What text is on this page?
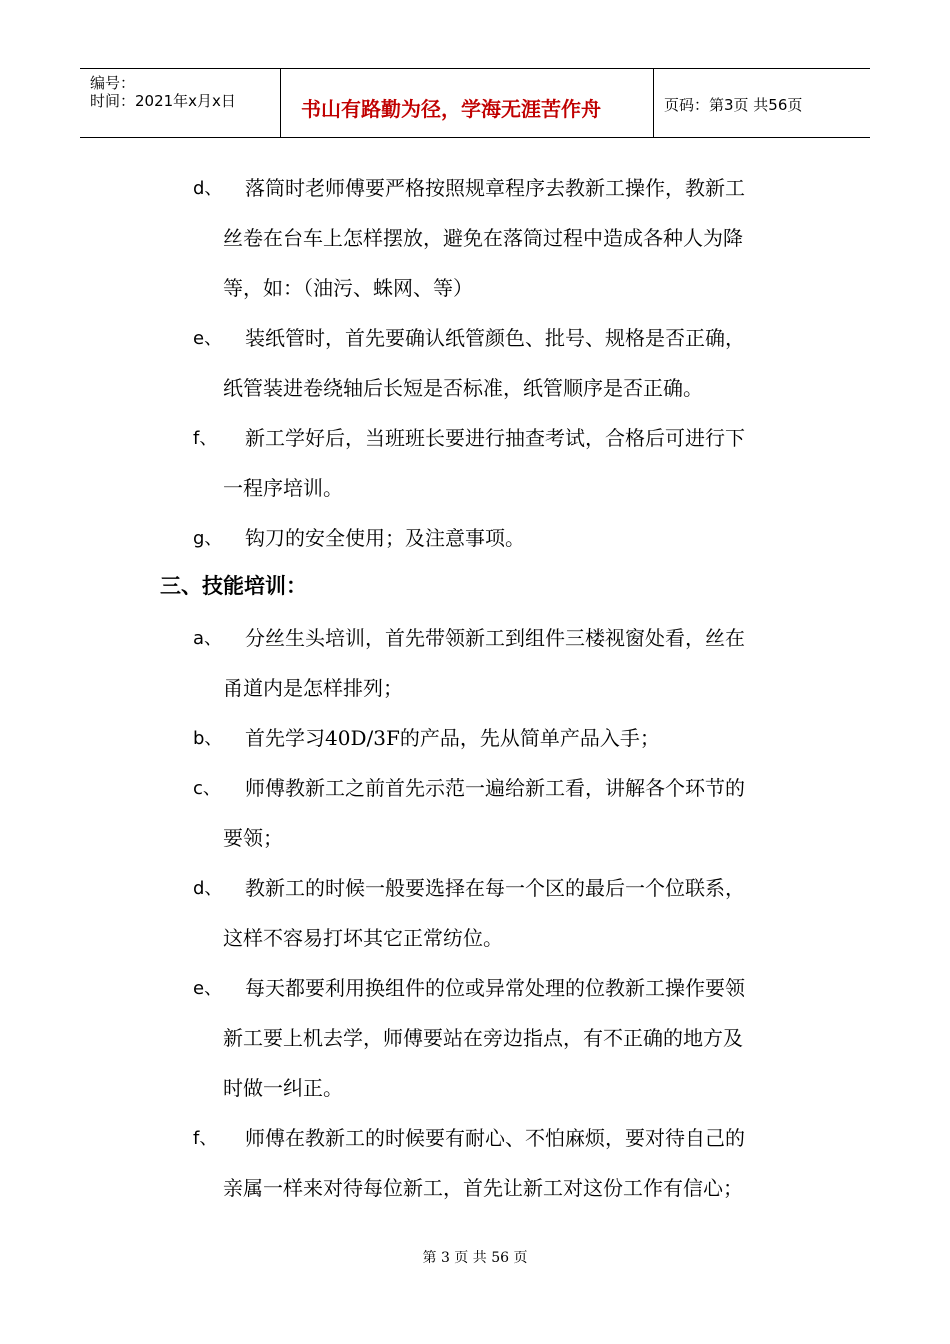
编号：
时间：2021年x月x日	书山有路勤为径，学海无涯苦作舟	页码：第3页 共56页
d、 落筒时老师傅要严格按照规章程序去教新工操作，教新工
丝卷在台车上怎样摆放，避免在落筒过程中造成各种人为降
等，如：（油污、蛛网、等）
e、 装纸管时，首先要确认纸管颜色、批号、规格是否正确，
纸管装进卷绕轴后长短是否标准，纸管顺序是否正确。
f、 新工学好后，当班班长要进行抽查考试，合格后可进行下
一程序培训。
g、 钩刀的安全使用；及注意事项。
三、技能培训：
a、 分丝生头培训，首先带领新工到组件三楼视窗处看，丝在
甬道内是怎样排列；
b、 首先学习40D/3F的产品，先从简单产品入手；
c、 师傅教新工之前首先示范一遍给新工看，讲解各个环节的
要领；
d、 教新工的时候一般要选择在每一个区的最后一个位联系，
这样不容易打坏其它正常纺位。
e、 每天都要利用换组件的位或异常处理的位教新工操作要领
新工要上机去学，师傅要站在旁边指点，有不正确的地方及
时做一纠正。
f、 师傅在教新工的时候要有耐心、不怕麻烦，要对待自己的
亲属一样来对待每位新工，首先让新工对这份工作有信心；
第 3 页 共 56 页
